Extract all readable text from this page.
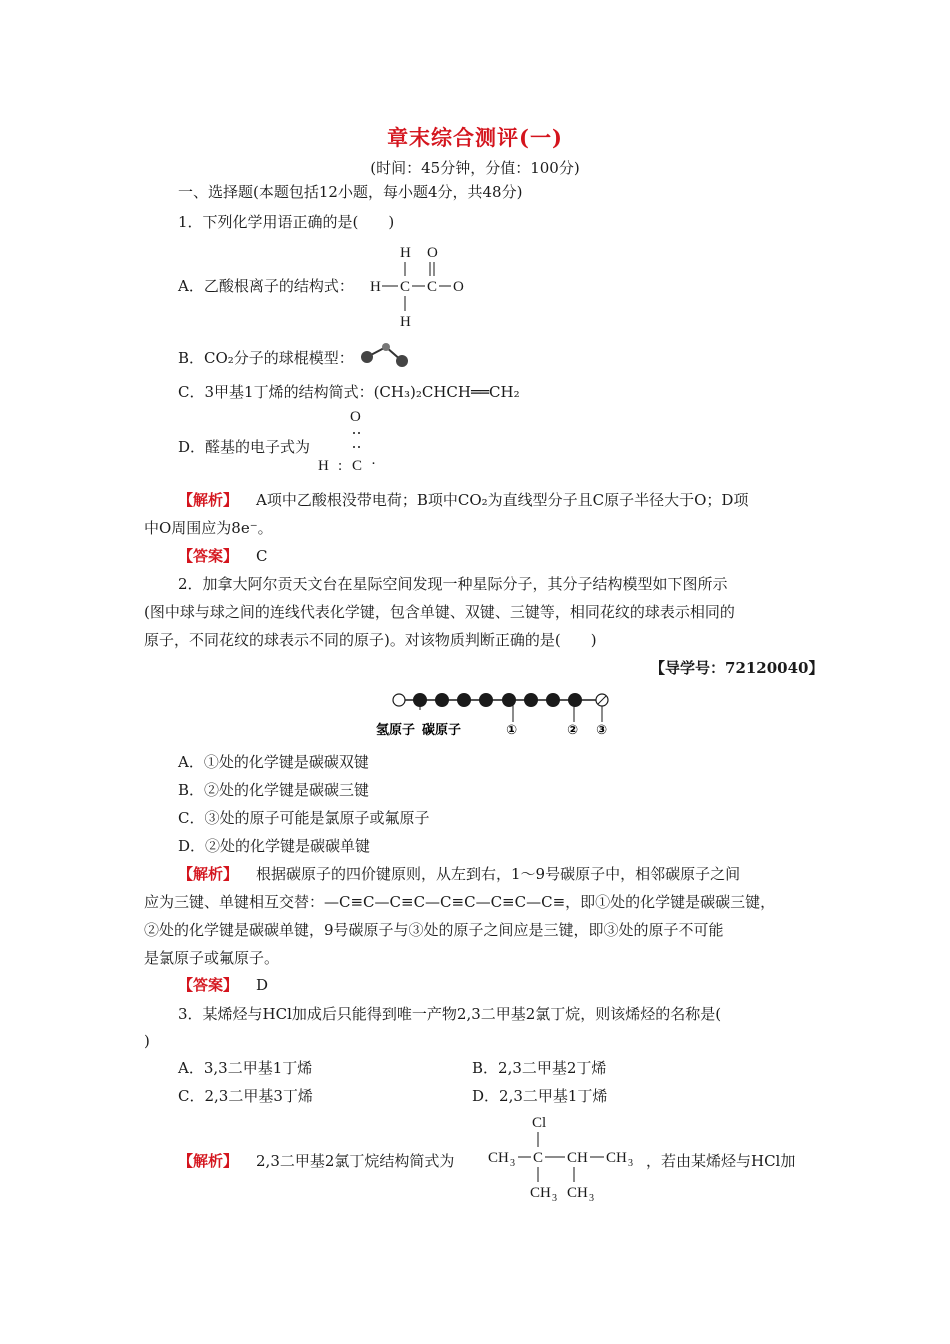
章末综合测评(一)
(时间：45分钟，分值：100分)
一、选择题(本题包括12小题，每小题4分，共48分)
1．下列化学用语正确的是(　　)
A．乙酸根离子的结构式：
H O
H C C O
H
B．CO₂分子的球棍模型：
C．3甲基1丁烯的结构简式：(CH₃)₂CHCH══CH₂
D．醛基的电子式为
O
H : C ·
【解析】 A项中乙酸根没带电荷；B项中CO₂为直线型分子且C原子半径大于O；D项
中O周围应为8e⁻。
【答案】 C
2．加拿大阿尔贡天文台在星际空间发现一种星际分子，其分子结构模型如下图所示
(图中球与球之间的连线代表化学键，包含单键、双键、三键等，相同花纹的球表示相同的
原子，不同花纹的球表示不同的原子)。对该物质判断正确的是(　　)
【导学号：72120040】
氢原子 碳原子	①	② ③
A．①处的化学键是碳碳双键
B．②处的化学键是碳碳三键
C．③处的原子可能是氯原子或氟原子
D．②处的化学键是碳碳单键
【解析】 根据碳原子的四价键原则，从左到右，1～9号碳原子中，相邻碳原子之间
应为三键、单键相互交替：—C≡C—C≡C—C≡C—C≡C—C≡，即①处的化学键是碳碳三键，
②处的化学键是碳碳单键，9号碳原子与③处的原子之间应是三键，即③处的原子不可能
是氯原子或氟原子。
【答案】 D
3．某烯烃与HCl加成后只能得到唯一产物2,3二甲基2氯丁烷，则该烯烃的名称是(
)
A．3,3二甲基1丁烯	B．2,3二甲基2丁烯
C．2,3二甲基3丁烯	D．2,3二甲基1丁烯
【解析】 2,3二甲基2氯丁烷结构简式为
Cl
CH 3 C CH CH 3
CH 3 CH 3
，若由某烯烃与HCl加
